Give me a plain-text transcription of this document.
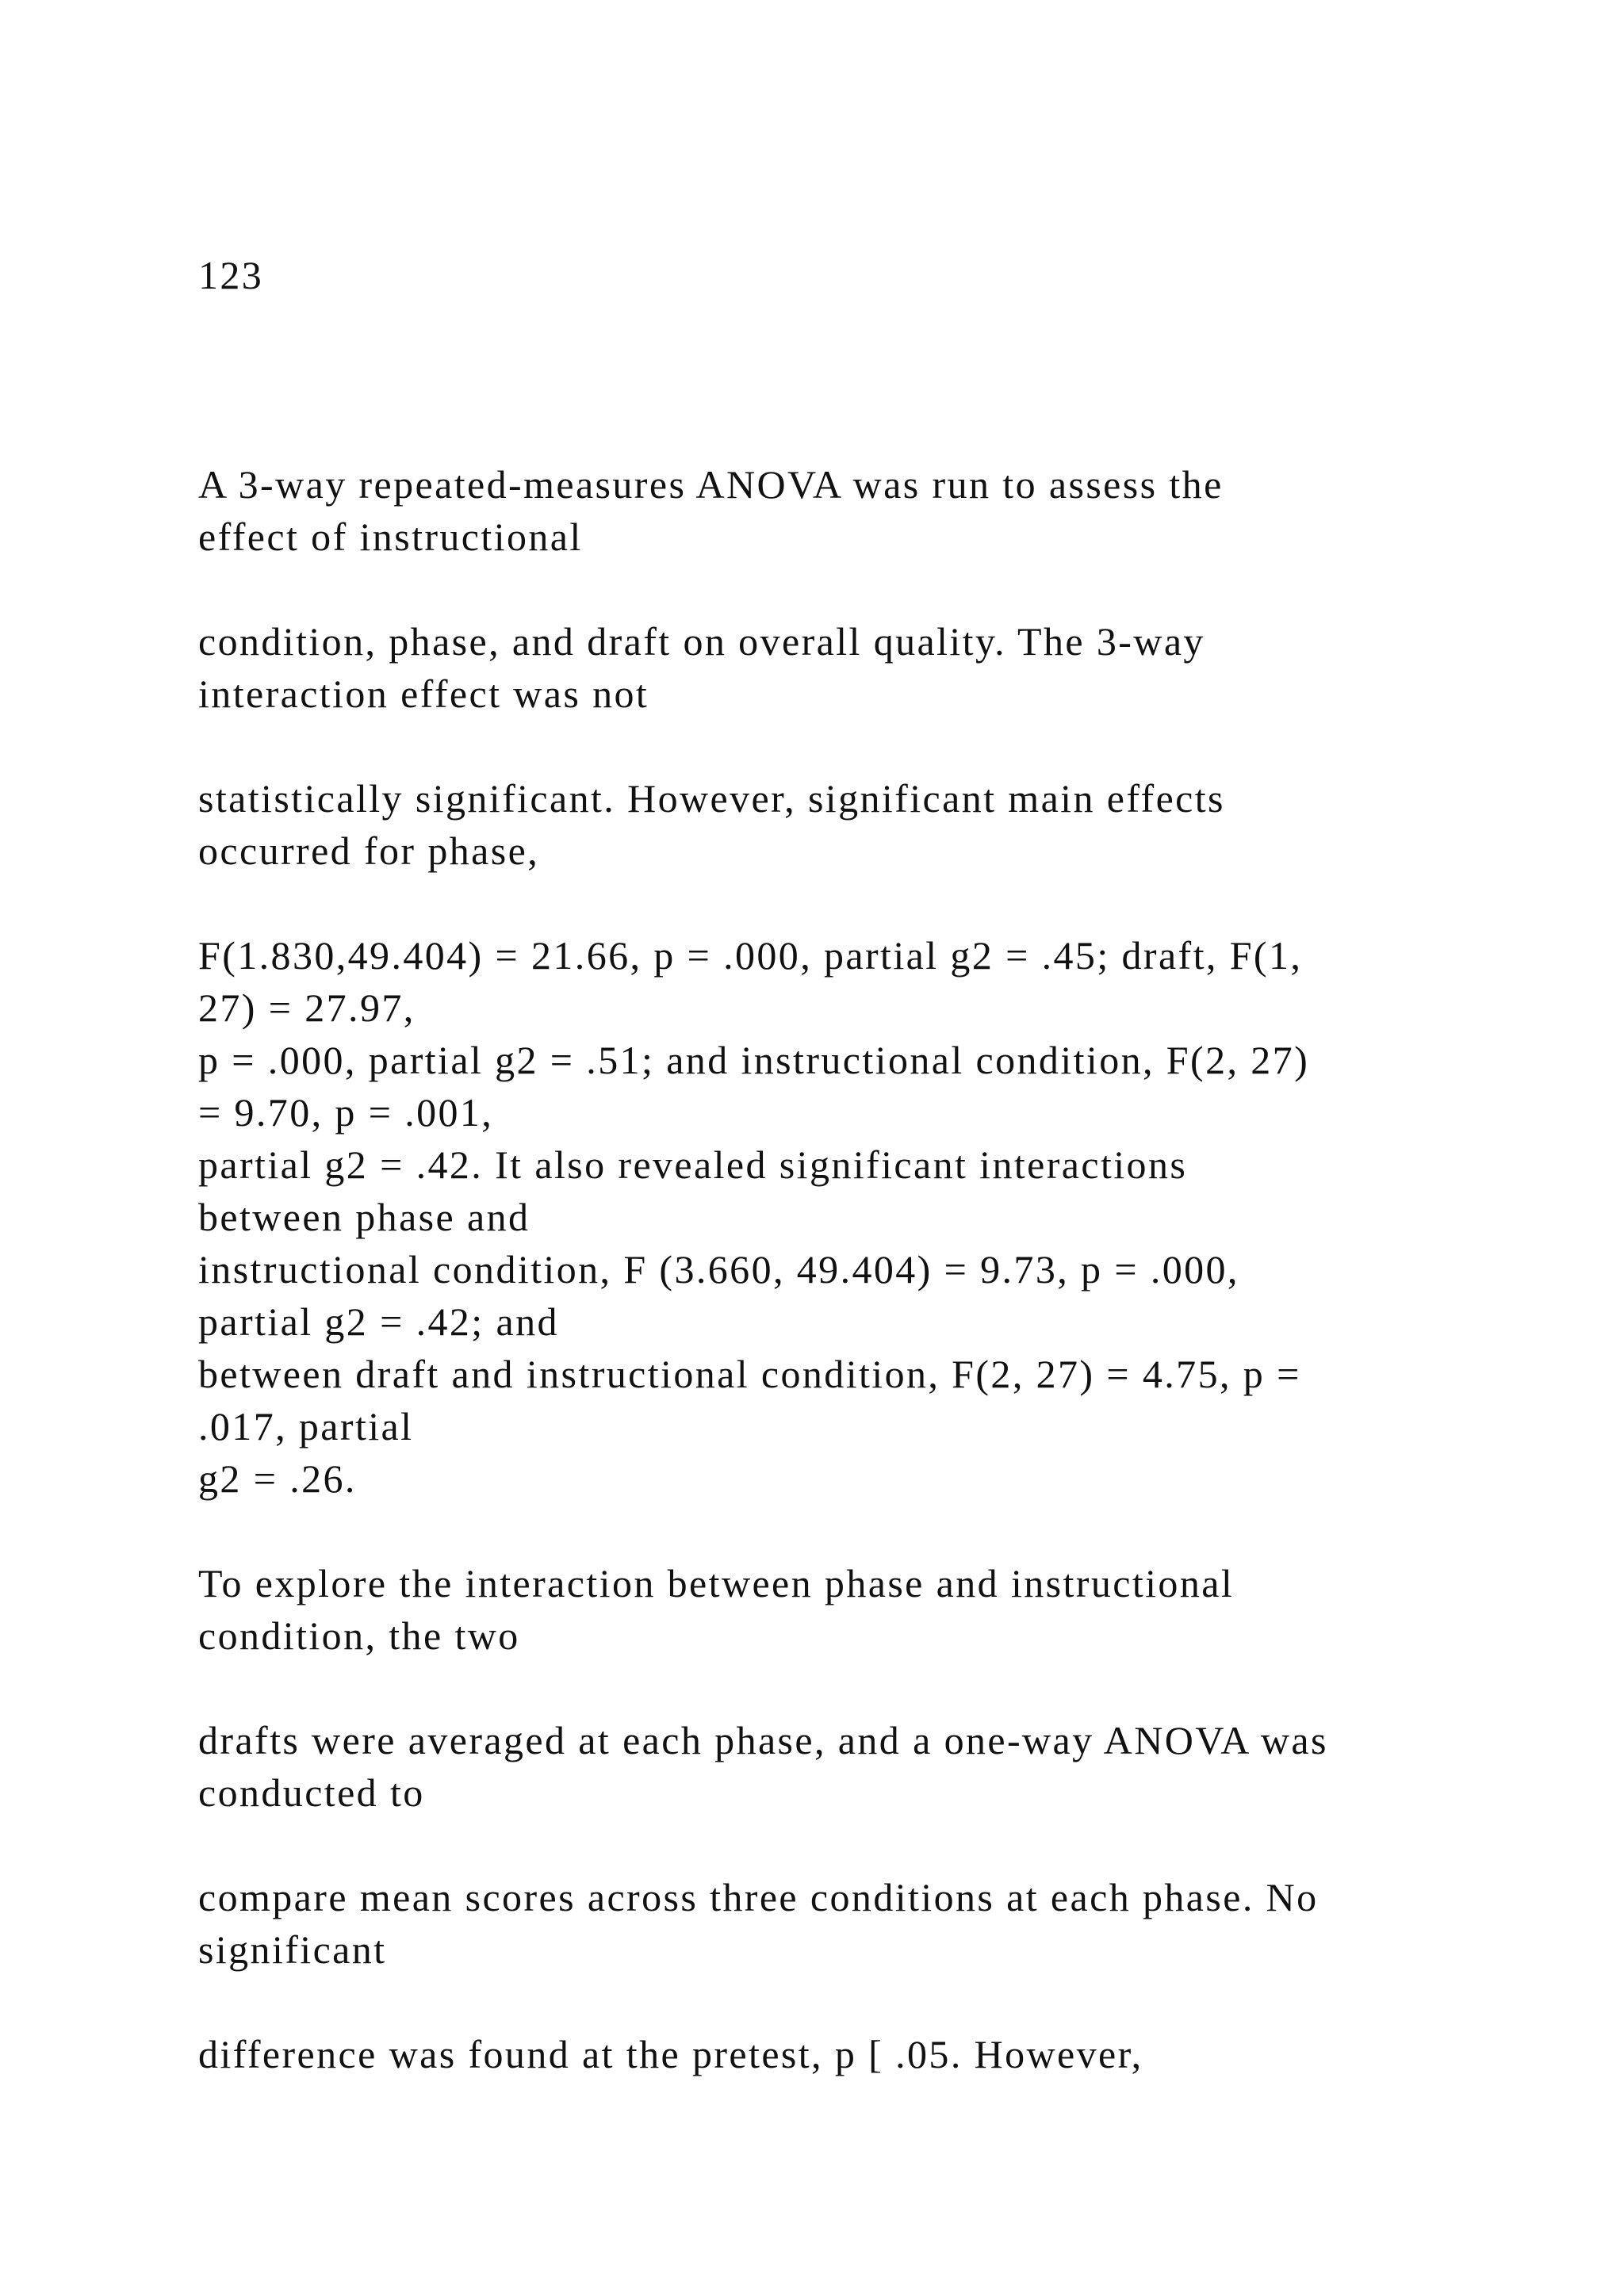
123
A 3-way repeated-measures ANOVA was run to assess the
effect of instructional
condition, phase, and draft on overall quality. The 3-way
interaction effect was not
statistically significant. However, significant main effects
occurred for phase,
F(1.830,49.404) = 21.66, p = .000, partial g2 = .45; draft, F(1,
27) = 27.97,
p = .000, partial g2 = .51; and instructional condition, F(2, 27)
= 9.70, p = .001,
partial g2 = .42. It also revealed significant interactions
between phase and
instructional condition, F (3.660, 49.404) = 9.73, p = .000,
partial g2 = .42; and
between draft and instructional condition, F(2, 27) = 4.75, p =
.017, partial
g2 = .26.
To explore the interaction between phase and instructional
condition, the two
drafts were averaged at each phase, and a one-way ANOVA was
conducted to
compare mean scores across three conditions at each phase. No
significant
difference was found at the pretest, p [ .05. However,
